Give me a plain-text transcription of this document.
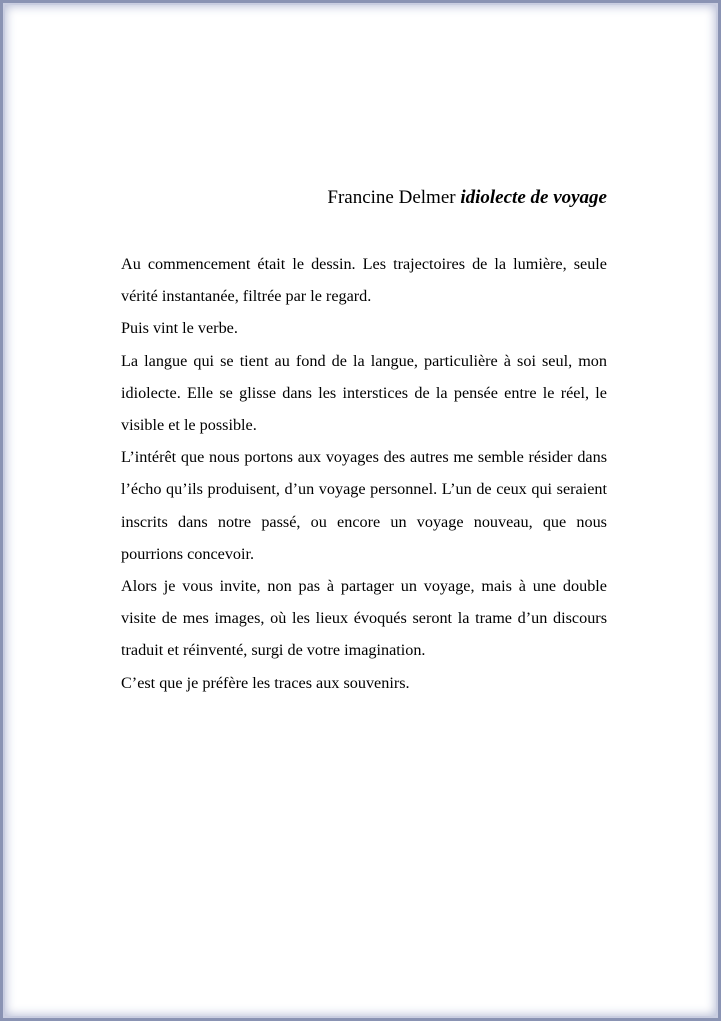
Francine Delmer idiolecte de voyage

Au commencement était le dessin. Les trajectoires de la lumière, seule vérité instantanée, filtrée par le regard.

Puis vint le verbe.

La langue qui se tient au fond de la langue, particulière à soi seul, mon idiolecte. Elle se glisse dans les interstices de la pensée entre le réel, le visible et le possible.

L’intérêt que nous portons aux voyages des autres me semble résider dans l’écho qu’ils produisent, d’un voyage personnel. L’un de ceux qui seraient inscrits dans notre passé, ou encore un voyage nouveau, que nous pourrions concevoir.

Alors je vous invite, non pas à partager un voyage, mais à une double visite de mes images, où les lieux évoqués seront la trame d’un discours traduit et réinventé, surgi de votre imagination.

C’est que je préfère les traces aux souvenirs.
